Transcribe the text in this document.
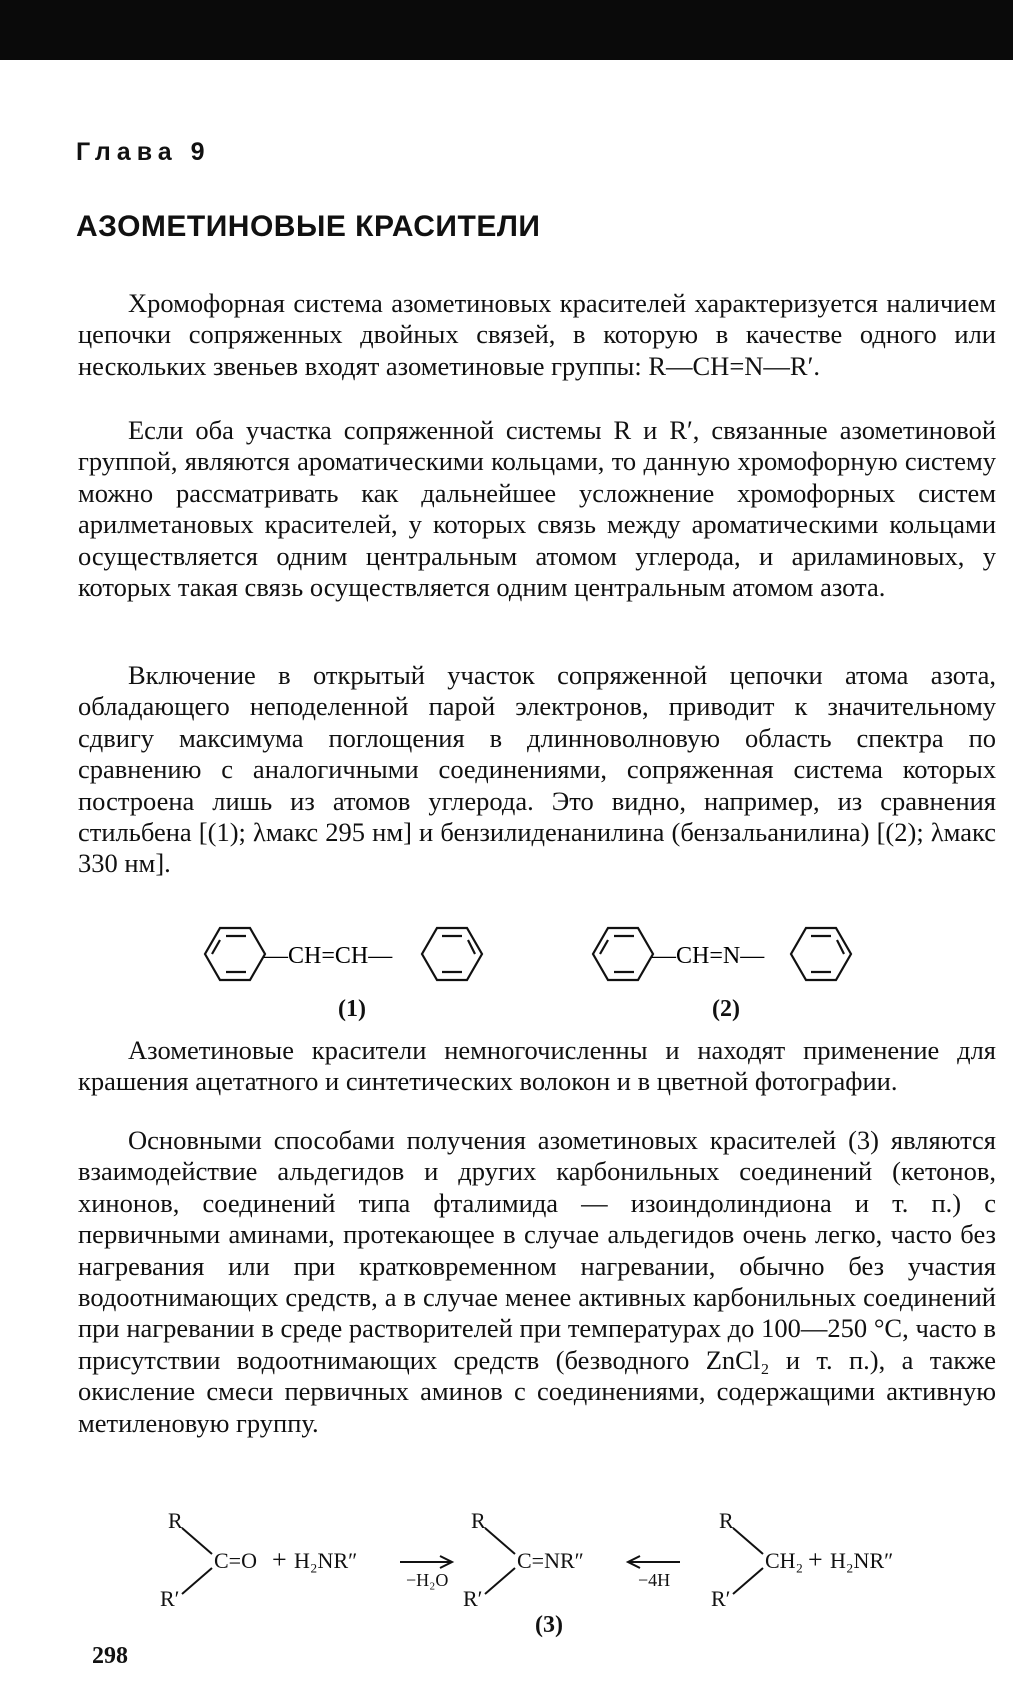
Глава 9
АЗОМЕТИНОВЫЕ КРАСИТЕЛИ

Хромофорная система азометиновых красителей характеризуется наличием цепочки сопряженных двойных связей, в которую в качестве одного или нескольких звеньев входят азометиновые группы: R—CH=N—R′.

Если оба участка сопряженной системы R и R′, связанные азометиновой группой, являются ароматическими кольцами, то данную хромофорную систему можно рассматривать как дальнейшее усложнение хромофорных систем арилметановых красителей, у которых связь между ароматическими кольцами осуществляется одним центральным атомом углерода, и ариламиновых, у которых такая связь осуществляется одним центральным атомом азота.

Включение в открытый участок сопряженной цепочки атома азота, обладающего неподеленной парой электронов, приводит к значительному сдвигу максимума поглощения в длинноволновую область спектра по сравнению с аналогичными соединениями, сопряженная система которых построена лишь из атомов углерода. Это видно, например, из сравнения стильбена [(1); λмакс 295 нм] и бензилиденанилина (бензальанилина) [(2); λмакс 330 нм].

—CH=CH—	—CH=N—
(1)	(2)

Азометиновые красители немногочисленны и находят применение для крашения ацетатного и синтетических волокон и в цветной фотографии.

Основными способами получения азометиновых красителей (3) являются взаимодействие альдегидов и других карбонильных соединений (кетонов, хинонов, соединений типа фталимида — изоиндолиндиона и т. п.) с первичными аминами, протекающее в случае альдегидов очень легко, часто без нагревания или при кратковременном нагревании, обычно без участия водоотнимающих средств, а в случае менее активных карбонильных соединений при нагревании в среде растворителей при температурах до 100—250 °C, часто в присутствии водоотнимающих средств (безводного ZnCl₂ и т. п.), а также окисление смеси первичных аминов с соединениями, содержащими активную метиленовую группу.

R
R′
C=O + H₂NR″
−H₂O
R
R′
C=NR″
−4H
R
R′
CH₂ + H₂NR″
(3)
298
